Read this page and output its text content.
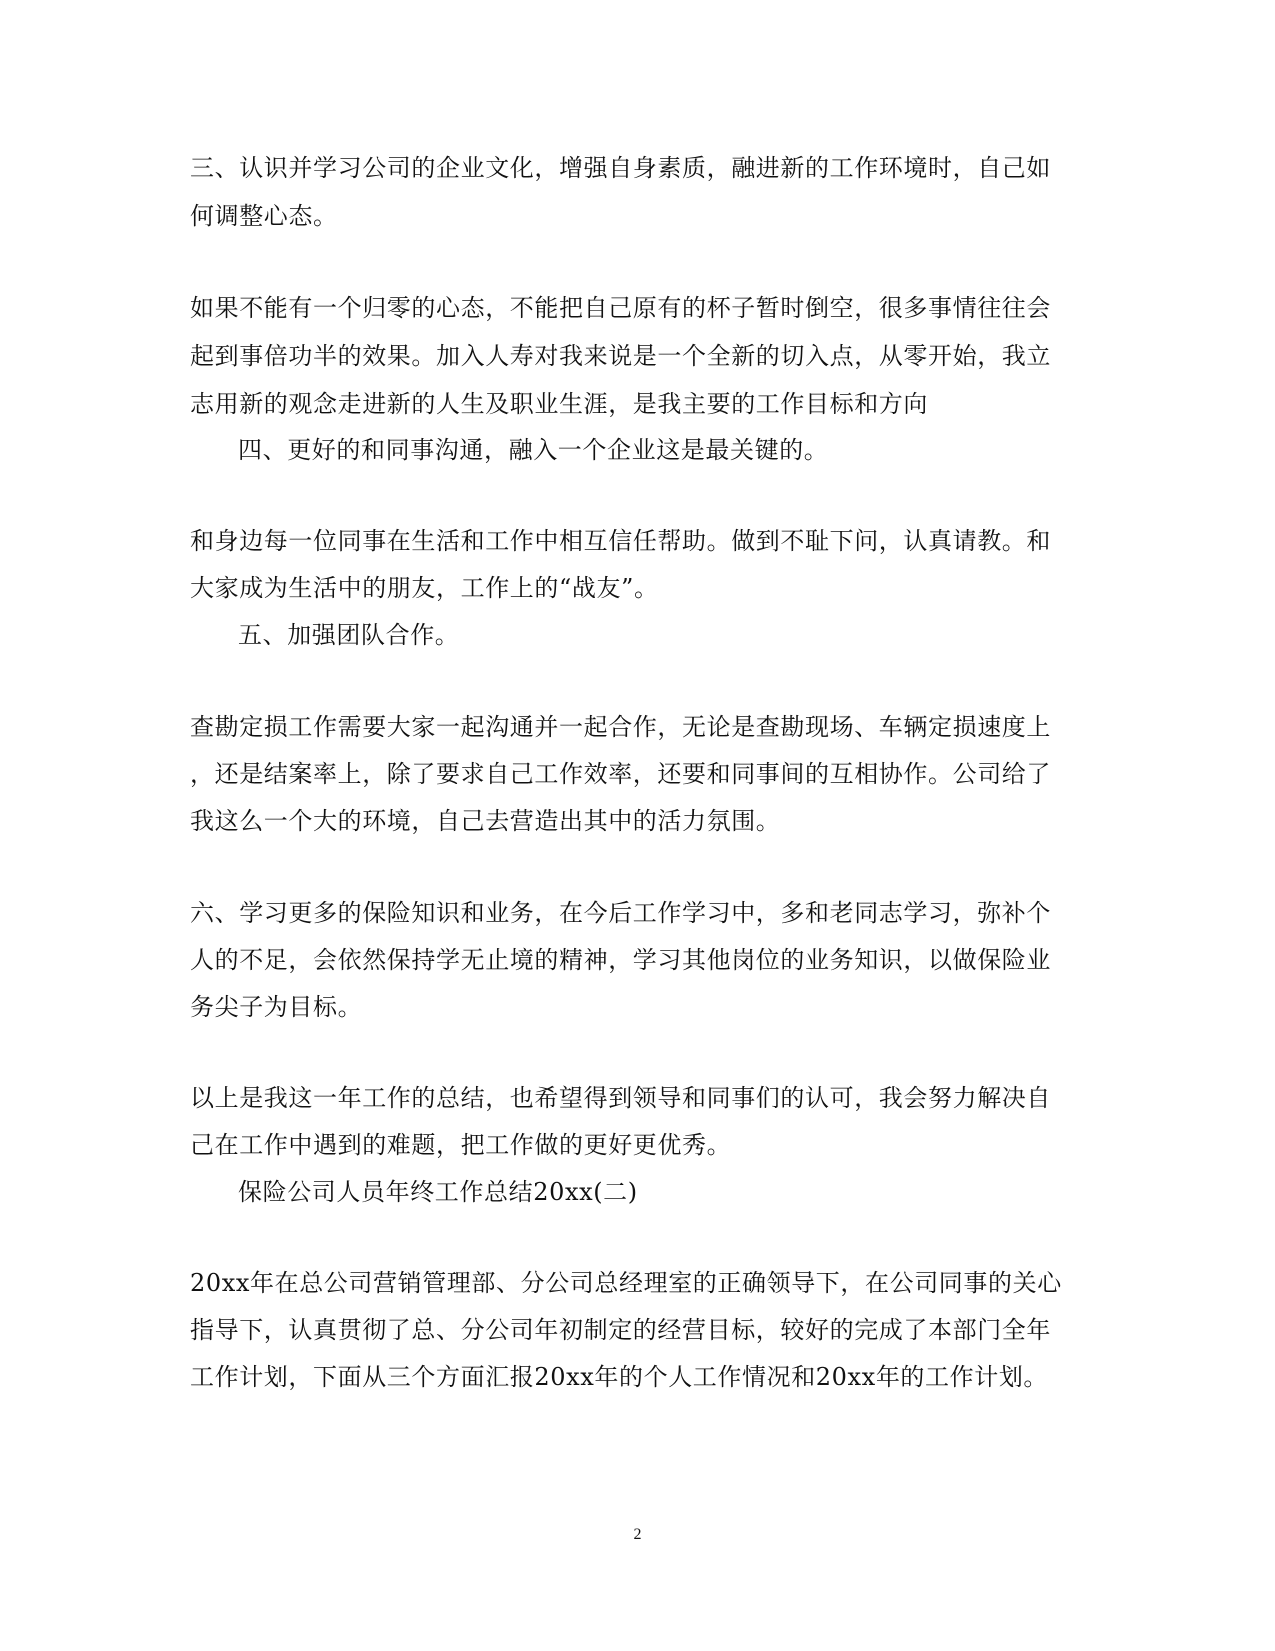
三、认识并学习公司的企业文化，增强自身素质，融进新的工作环境时，自己如
何调整心态。
如果不能有一个归零的心态，不能把自己原有的杯子暂时倒空，很多事情往往会
起到事倍功半的效果。加入人寿对我来说是一个全新的切入点，从零开始，我立
志用新的观念走进新的人生及职业生涯，是我主要的工作目标和方向
四、更好的和同事沟通，融入一个企业这是最关键的。
和身边每一位同事在生活和工作中相互信任帮助。做到不耻下问，认真请教。和
大家成为生活中的朋友，工作上的“战友”。
五、加强团队合作。
查勘定损工作需要大家一起沟通并一起合作，无论是查勘现场、车辆定损速度上
，还是结案率上，除了要求自己工作效率，还要和同事间的互相协作。公司给了
我这么一个大的环境，自己去营造出其中的活力氛围。
六、学习更多的保险知识和业务，在今后工作学习中，多和老同志学习，弥补个
人的不足，会依然保持学无止境的精神，学习其他岗位的业务知识，以做保险业
务尖子为目标。
以上是我这一年工作的总结，也希望得到领导和同事们的认可，我会努力解决自
己在工作中遇到的难题，把工作做的更好更优秀。
保险公司人员年终工作总结20xx(二)
20xx年在总公司营销管理部、分公司总经理室的正确领导下，在公司同事的关心
指导下，认真贯彻了总、分公司年初制定的经营目标，较好的完成了本部门全年
工作计划，下面从三个方面汇报20xx年的个人工作情况和20xx年的工作计划。
2
